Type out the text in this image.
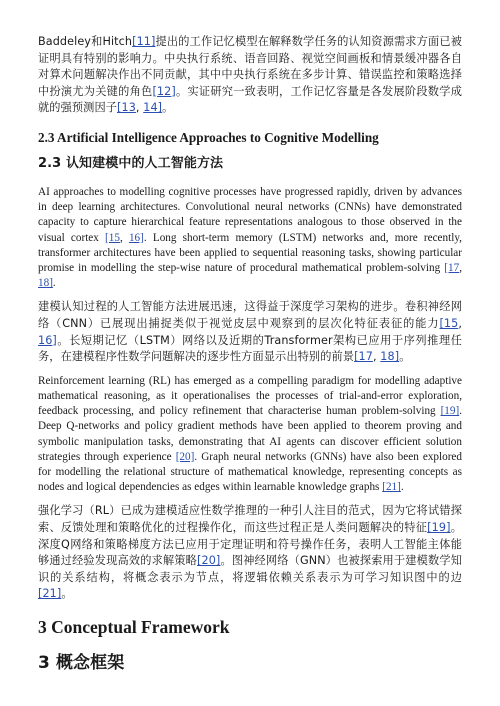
Baddeley和Hitch[11]提出的工作记忆模型在解释数学任务的认知资源需求方面已被证明具有特别的影响力。中央执行系统、语音回路、视觉空间画板和情景缓冲器各自对算术问题解决作出不同贡献，其中中央执行系统在多步计算、错误监控和策略选择中扮演尤为关键的角色[12]。实证研究一致表明，工作记忆容量是各发展阶段数学成就的强预测因子[13, 14]。

2.3 Artificial Intelligence Approaches to Cognitive Modelling
2.3 认知建模中的人工智能方法

AI approaches to modelling cognitive processes have progressed rapidly, driven by advances in deep learning architectures. Convolutional neural networks (CNNs) have demonstrated capacity to capture hierarchical feature representations analogous to those observed in the visual cortex [15, 16]. Long short-term memory (LSTM) networks and, more recently, transformer architectures have been applied to sequential reasoning tasks, showing particular promise in modelling the step-wise nature of procedural mathematical problem-solving [17, 18].

建模认知过程的人工智能方法进展迅速，这得益于深度学习架构的进步。卷积神经网络（CNN）已展现出捕捉类似于视觉皮层中观察到的层次化特征表征的能力[15, 16]。长短期记忆（LSTM）网络以及近期的Transformer架构已应用于序列推理任务，在建模程序性数学问题解决的逐步性方面显示出特别的前景[17, 18]。

Reinforcement learning (RL) has emerged as a compelling paradigm for modelling adaptive mathematical reasoning, as it operationalises the processes of trial-and-error exploration, feedback processing, and policy refinement that characterise human problem-solving [19]. Deep Q-networks and policy gradient methods have been applied to theorem proving and symbolic manipulation tasks, demonstrating that AI agents can discover efficient solution strategies through experience [20]. Graph neural networks (GNNs) have also been explored for modelling the relational structure of mathematical knowledge, representing concepts as nodes and logical dependencies as edges within learnable knowledge graphs [21].

强化学习（RL）已成为建模适应性数学推理的一种引人注目的范式，因为它将试错探索、反馈处理和策略优化的过程操作化，而这些过程正是人类问题解决的特征[19]。深度Q网络和策略梯度方法已应用于定理证明和符号操作任务，表明人工智能主体能够通过经验发现高效的求解策略[20]。图神经网络（GNN）也被探索用于建模数学知识的关系结构，将概念表示为节点，将逻辑依赖关系表示为可学习知识图中的边[21]。

3 Conceptual Framework
3 概念框架
